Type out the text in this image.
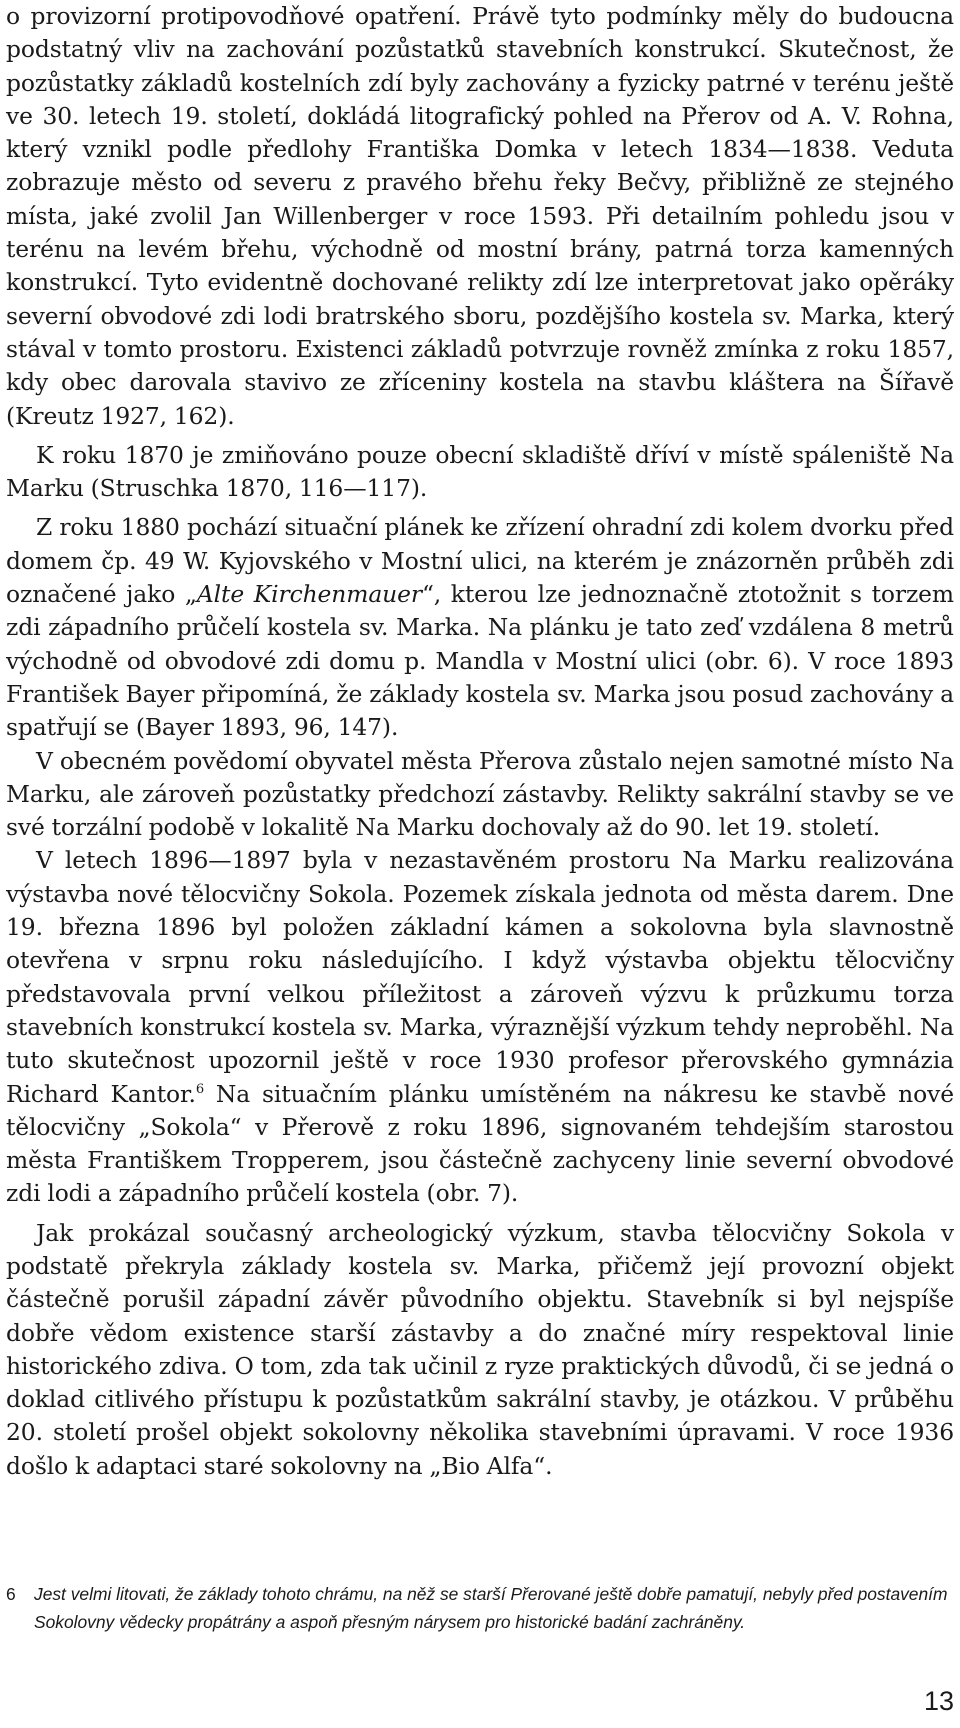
o provizorní protipovodňové opatření. Právě tyto podmínky měly do budoucna podstatný vliv na zachování pozůstatků stavebních konstrukcí. Skutečnost, že pozůstatky základů kostelních zdí byly zachovány a fyzicky patrné v terénu ještě ve 30. letech 19. století, dokládá litografický pohled na Přerov od A. V. Rohna, který vznikl podle předlohy Františka Domka v letech 1834—1838. Veduta zobrazuje město od severu z pravého břehu řeky Bečvy, přibližně ze stejného místa, jaké zvolil Jan Willenberger v roce 1593. Při detailním pohledu jsou v terénu na levém břehu, východně od mostní brány, patrná torza kamenných konstrukcí. Tyto evidentně dochované relikty zdí lze interpretovat jako opěráky severní obvodové zdi lodi bratrského sboru, pozdějšího kostela sv. Marka, který stával v tomto prostoru. Existenci základů potvrzuje rovněž zmínka z roku 1857, kdy obec darovala stavivo ze zříceniny kostela na stavbu kláštera na Šířavě (Kreutz 1927, 162).

K roku 1870 je zmiňováno pouze obecní skladiště dříví v místě spáleniště Na Marku (Struschka 1870, 116—117).

Z roku 1880 pochází situační plánek ke zřízení ohradní zdi kolem dvorku před domem čp. 49 W. Kyjovského v Mostní ulici, na kterém je znázorněn průběh zdi označené jako „Alte Kirchenmauer“, kterou lze jednoznačně ztotožnit s torzem zdi západního průčelí kostela sv. Marka. Na plánku je tato zeď vzdálena 8 metrů východně od obvodové zdi domu p. Mandla v Mostní ulici (obr. 6). V roce 1893 František Bayer připomíná, že základy kostela sv. Marka jsou posud zachovány a spatřují se (Bayer 1893, 96, 147).

V obecném povědomí obyvatel města Přerova zůstalo nejen samotné místo Na Marku, ale zároveň pozůstatky předchozí zástavby. Relikty sakrální stavby se ve své torzální podobě v lokalitě Na Marku dochovaly až do 90. let 19. století.

V letech 1896—1897 byla v nezastavěném prostoru Na Marku realizována výstavba nové tělocvičny Sokola. Pozemek získala jednota od města darem. Dne 19. března 1896 byl položen základní kámen a sokolovna byla slavnostně otevřena v srpnu roku následujícího. I když výstavba objektu tělocvičny představovala první velkou příležitost a zároveň výzvu k průzkumu torza stavebních konstrukcí kostela sv. Marka, výraznější výzkum tehdy neproběhl. Na tuto skutečnost upozornil ještě v roce 1930 profesor přerovského gymnázia Richard Kantor.$^6$ Na situačním plánku umístěném na nákresu ke stavbě nové tělocvičny „Sokola“ v Přerově z roku 1896, signovaném tehdejším starostou města Františkem Tropperem, jsou částečně zachyceny linie severní obvodové zdi lodi a západního průčelí kostela (obr. 7).

Jak prokázal současný archeologický výzkum, stavba tělocvičny Sokola v podstatě překryla základy kostela sv. Marka, přičemž její provozní objekt částečně porušil západní závěr původního objektu. Stavebník si byl nejspíše dobře vědom existence starší zástavby a do značné míry respektoval linie historického zdiva. O tom, zda tak učinil z ryze praktických důvodů, či se jedná o doklad citlivého přístupu k pozůstatkům sakrální stavby, je otázkou. V průběhu 20. století prošel objekt sokolovny několika stavebními úpravami. V roce 1936 došlo k adaptaci staré sokolovny na „Bio Alfa“.

6	Jest velmi litovati, že základy tohoto chrámu, na něž se starší Přerované ještě dobře pamatují, nebyly před postavením Sokolovny vědecky propátrány a aspoň přesným nárysem pro historické badání zachráněny.
13
